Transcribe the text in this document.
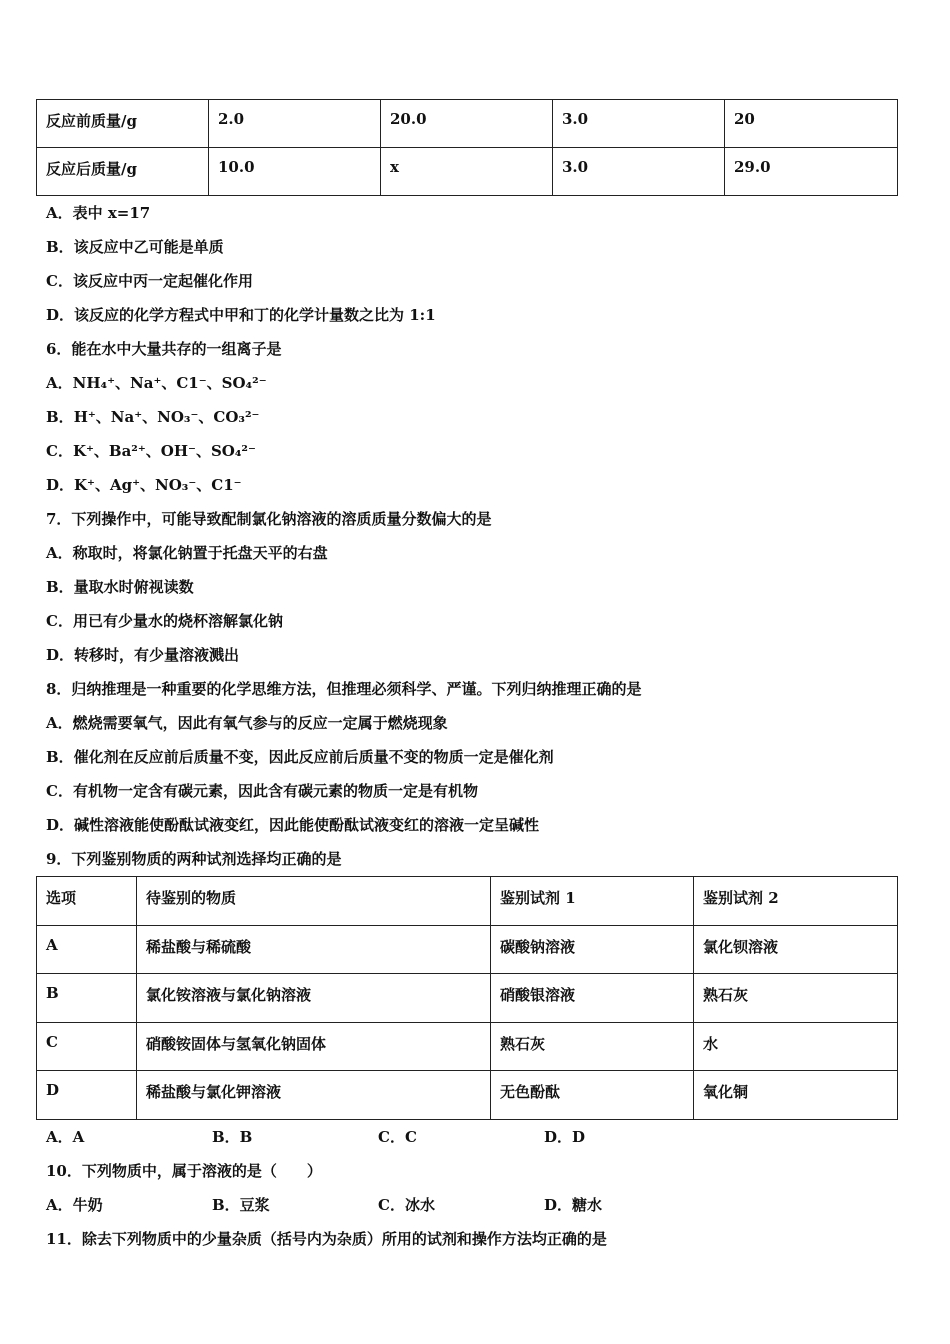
反应前质量/g	2.0	20.0	3.0	20
反应后质量/g	10.0	x	3.0	29.0
A．表中 x=17
B．该反应中乙可能是单质
C．该反应中丙一定起催化作用
D．该反应的化学方程式中甲和丁的化学计量数之比为 1:1
6．能在水中大量共存的一组离子是
A．NH₄⁺、Na⁺、C1⁻、SO₄²⁻
B．H⁺、Na⁺、NO₃⁻、CO₃²⁻
C．K⁺、Ba²⁺、OH⁻、SO₄²⁻
D．K⁺、Ag⁺、NO₃⁻、C1⁻
7．下列操作中，可能导致配制氯化钠溶液的溶质质量分数偏大的是
A．称取时，将氯化钠置于托盘天平的右盘
B．量取水时俯视读数
C．用已有少量水的烧杯溶解氯化钠
D．转移时，有少量溶液溅出
8．归纳推理是一种重要的化学思维方法，但推理必须科学、严谨。下列归纳推理正确的是
A．燃烧需要氧气，因此有氧气参与的反应一定属于燃烧现象
B．催化剂在反应前后质量不变，因此反应前后质量不变的物质一定是催化剂
C．有机物一定含有碳元素，因此含有碳元素的物质一定是有机物
D．碱性溶液能使酚酞试液变红，因此能使酚酞试液变红的溶液一定呈碱性
9．下列鉴别物质的两种试剂选择均正确的是
选项	待鉴别的物质	鉴别试剂 1	鉴别试剂 2
A	稀盐酸与稀硫酸	碳酸钠溶液	氯化钡溶液
B	氯化铵溶液与氯化钠溶液	硝酸银溶液	熟石灰
C	硝酸铵固体与氢氧化钠固体	熟石灰	水
D	稀盐酸与氯化钾溶液	无色酚酞	氧化铜
A．A	B．B	C．C	D．D
10．下列物质中，属于溶液的是（　　）
A．牛奶	B．豆浆	C．冰水	D．糖水
11．除去下列物质中的少量杂质（括号内为杂质）所用的试剂和操作方法均正确的是
